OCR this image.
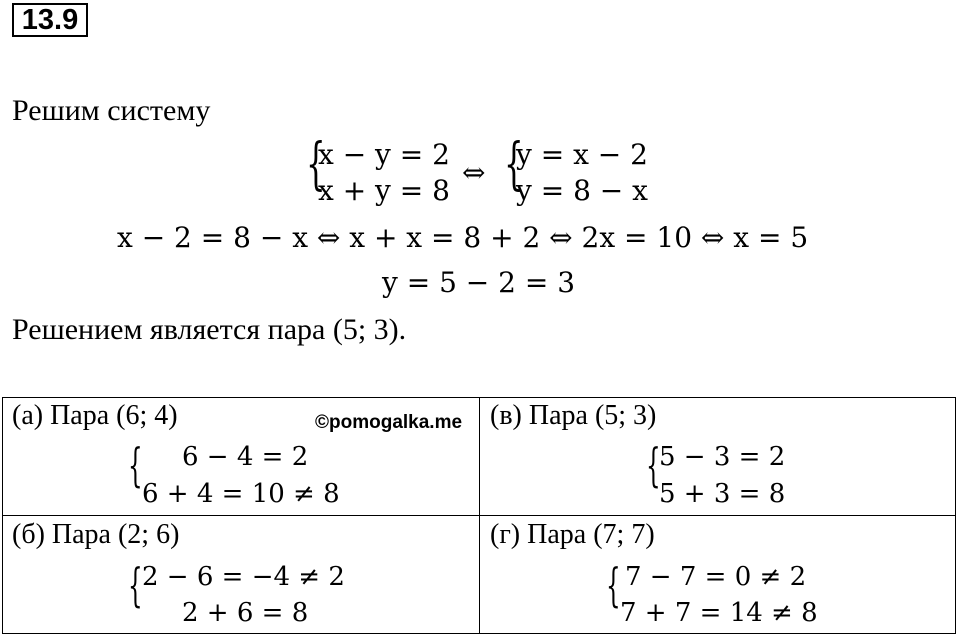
13.9
Решим систему
{
x − y = 2
x + y = 8
⇔ {
y = x − 2
y = 8 − x
x − 2 = 8 − x ⇔ x + x = 8 + 2 ⇔ 2x = 10 ⇔ x = 5
y = 5 − 2 = 3
Решением является пара (5; 3).
©pomogalka.me
(а) Пара (6; 4)
{ 6 − 4 = 2
6 + 4 = 10 ≠ 8
(в) Пара (5; 3)
{
5 − 3 = 2
5 + 3 = 8
(б) Пара (2; 6)
{ 2 − 6 = −4 ≠ 2
2 + 6 = 8
(г) Пара (7; 7)
{ 7 − 7 = 0 ≠ 2
7 + 7 = 14 ≠ 8
